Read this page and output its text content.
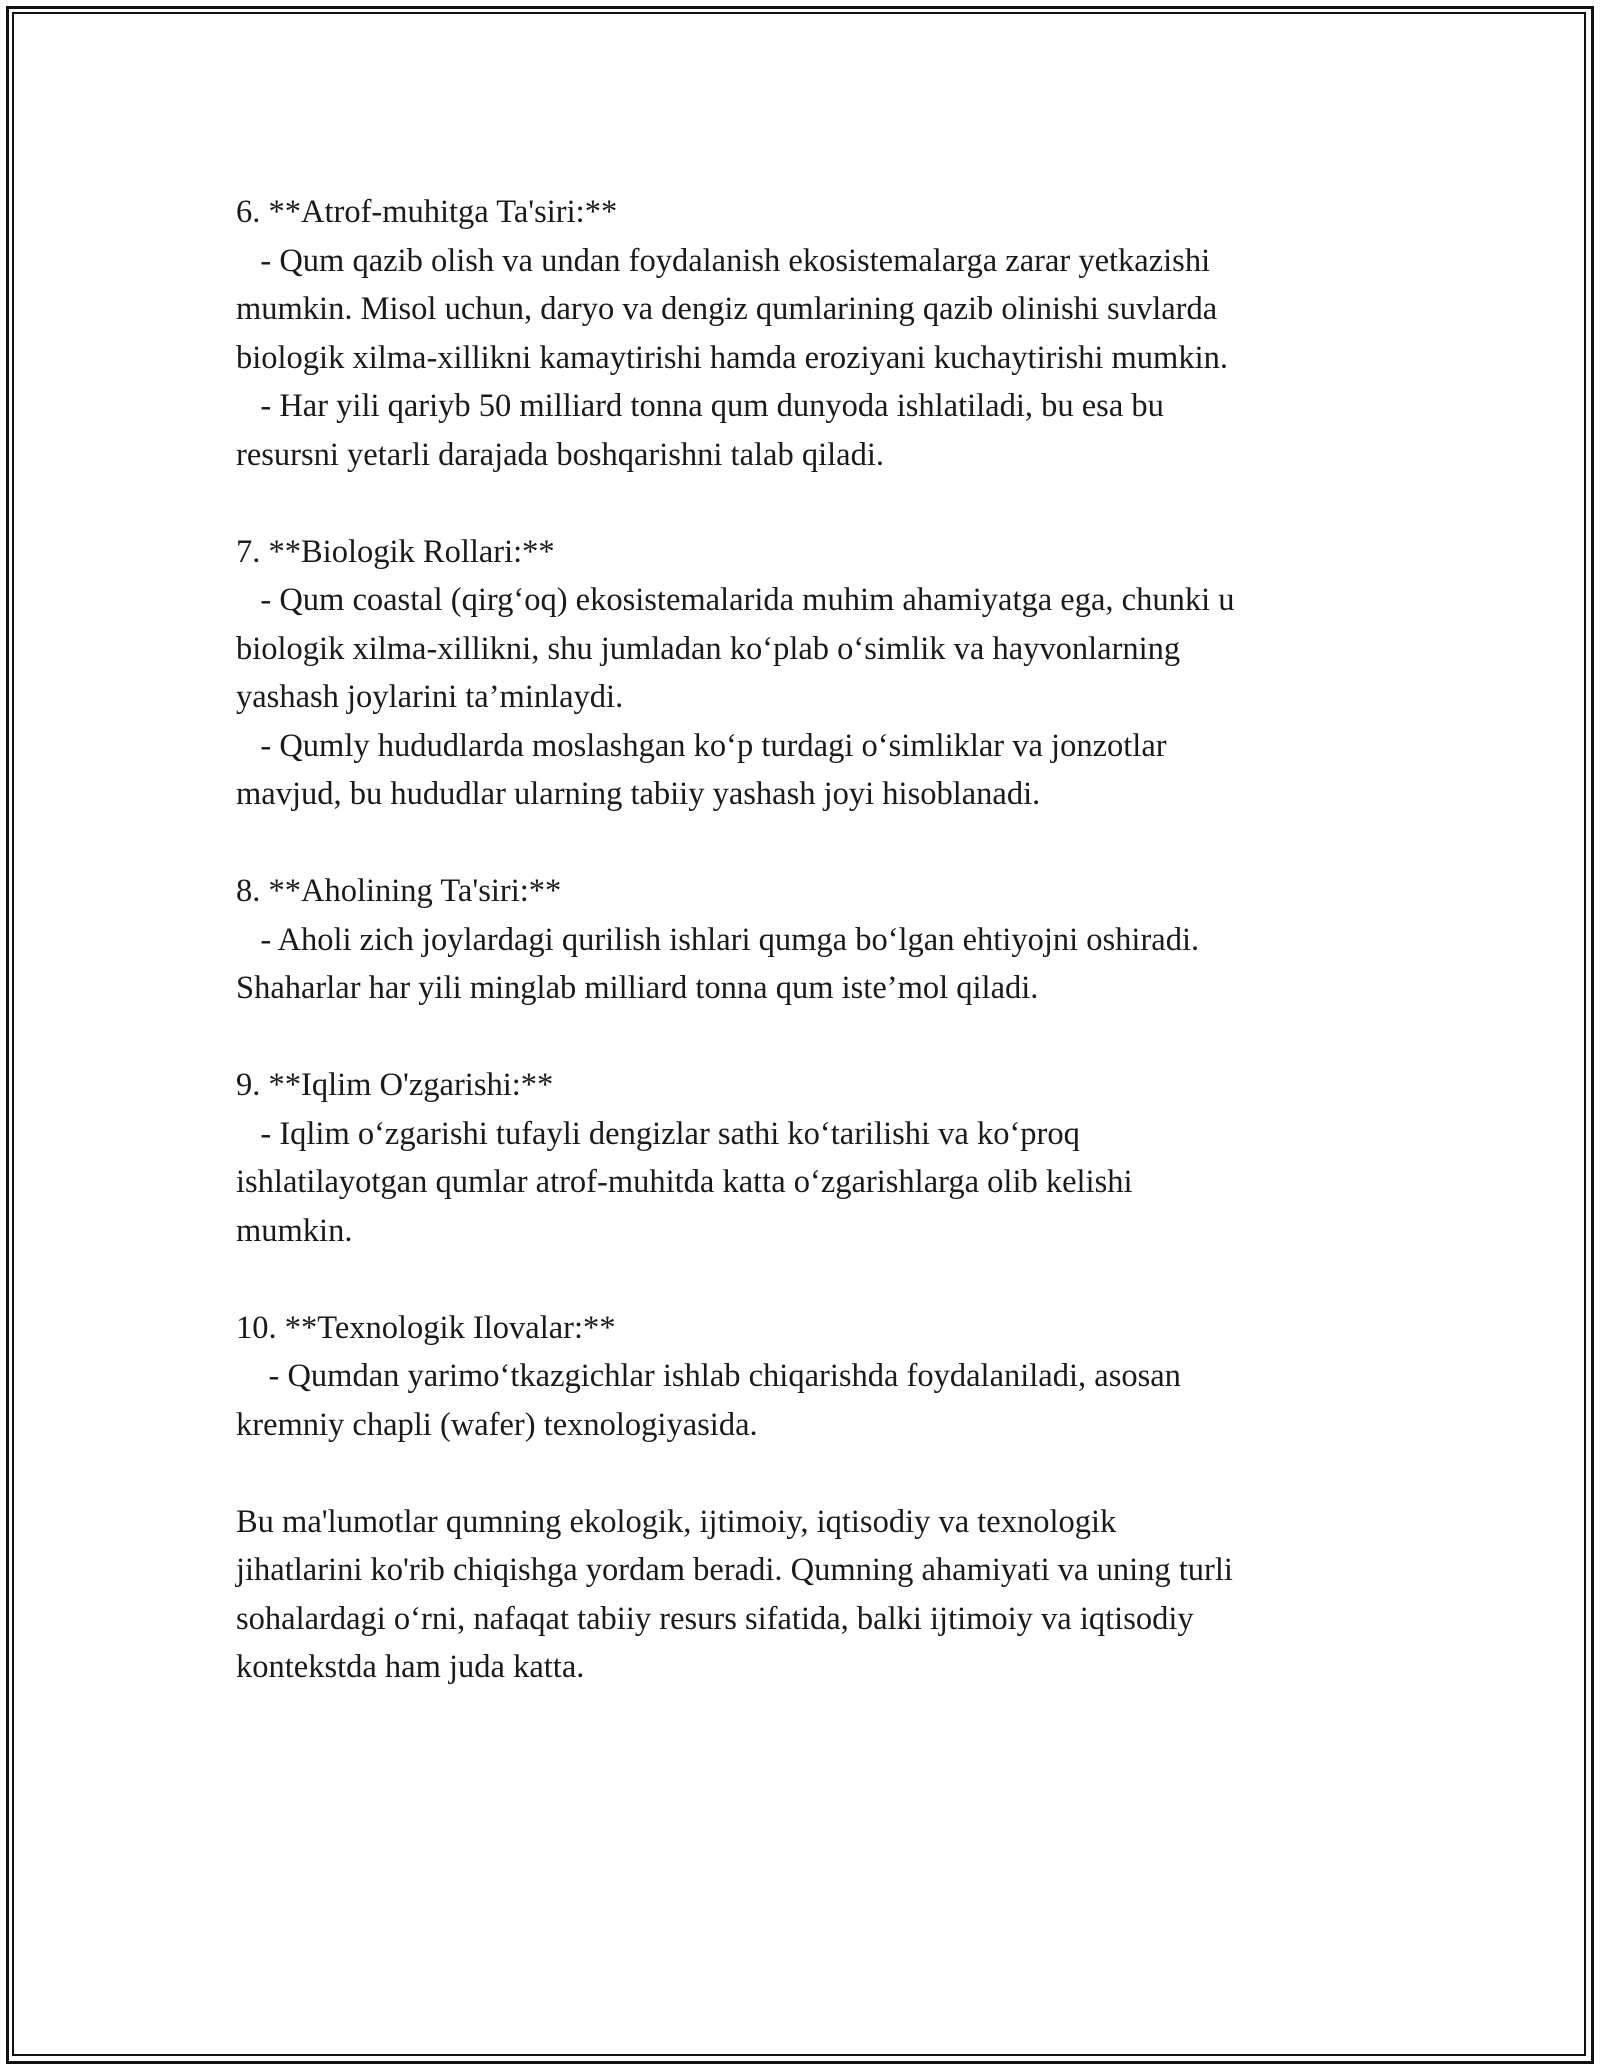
6. **Atrof-muhitga Ta'siri:**
- Qum qazib olish va undan foydalanish ekosistemalarga zarar yetkazishi
mumkin. Misol uchun, daryo va dengiz qumlarining qazib olinishi suvlarda
biologik xilma-xillikni kamaytirishi hamda eroziyani kuchaytirishi mumkin.
- Har yili qariyb 50 milliard tonna qum dunyoda ishlatiladi, bu esa bu
resursni yetarli darajada boshqarishni talab qiladi.
7. **Biologik Rollari:**
- Qum coastal (qirg‘oq) ekosistemalarida muhim ahamiyatga ega, chunki u
biologik xilma-xillikni, shu jumladan ko‘plab o‘simlik va hayvonlarning
yashash joylarini ta’minlaydi.
- Qumly hududlarda moslashgan ko‘p turdagi o‘simliklar va jonzotlar
mavjud, bu hududlar ularning tabiiy yashash joyi hisoblanadi.
8. **Aholining Ta'siri:**
- Aholi zich joylardagi qurilish ishlari qumga bo‘lgan ehtiyojni oshiradi.
Shaharlar har yili minglab milliard tonna qum iste’mol qiladi.
9. **Iqlim O'zgarishi:**
- Iqlim o‘zgarishi tufayli dengizlar sathi ko‘tarilishi va ko‘proq
ishlatilayotgan qumlar atrof-muhitda katta o‘zgarishlarga olib kelishi
mumkin.
10. **Texnologik Ilovalar:**
- Qumdan yarimo‘tkazgichlar ishlab chiqarishda foydalaniladi, asosan
kremniy chapli (wafer) texnologiyasida.
Bu ma'lumotlar qumning ekologik, ijtimoiy, iqtisodiy va texnologik
jihatlarini ko'rib chiqishga yordam beradi. Qumning ahamiyati va uning turli
sohalardagi o‘rni, nafaqat tabiiy resurs sifatida, balki ijtimoiy va iqtisodiy
kontekstda ham juda katta.
